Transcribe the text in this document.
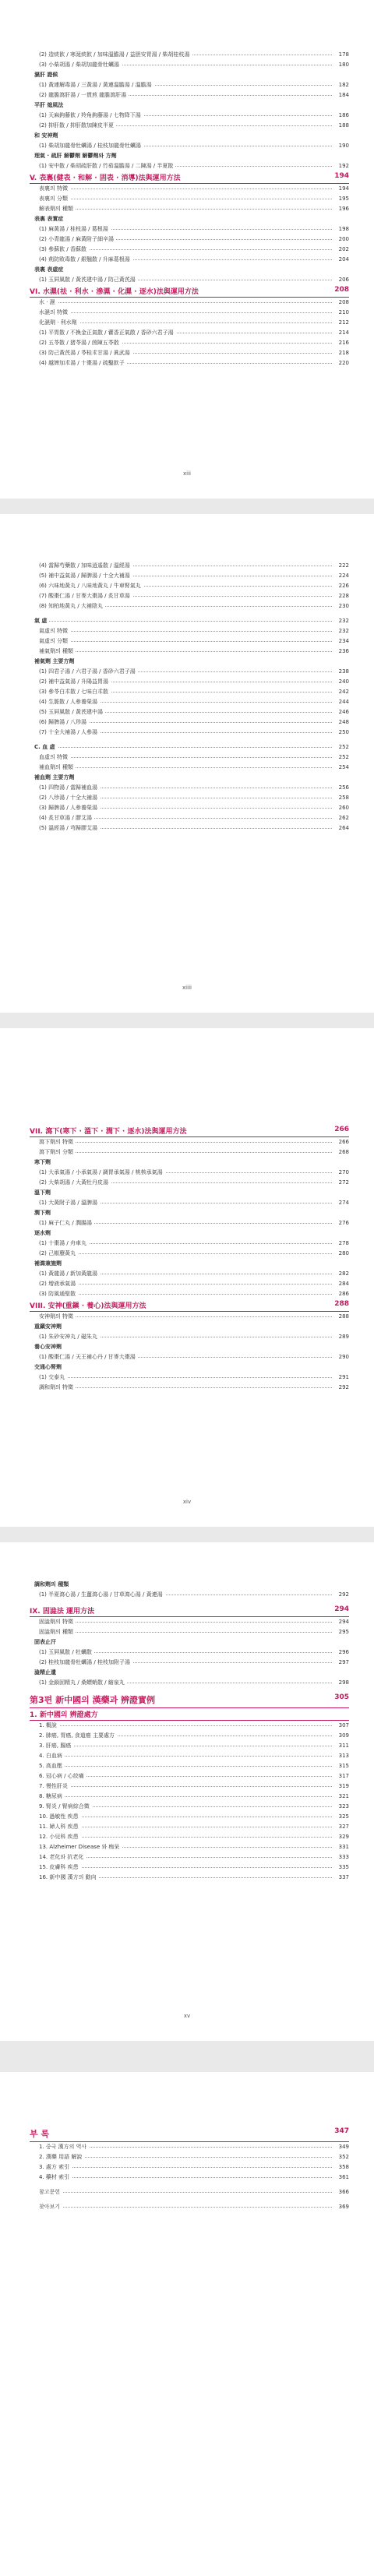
(2) 造痰飮 / 寒涎痰飮 / 加味溫膽湯 / 益胆安胃湯 / 柴胡桂枝湯	178
(3) 小柴胡湯 / 柴胡加龍骨牡蠣湯	180
濕肝 證候
(1) 黃連解毒湯 / 三黃湯 / 黃連溫膽湯 / 溫膽湯	182
(2) 龍膽瀉肝湯 / 一貫煎 龍膽瀉肝湯	184
平肝 熄風法
(1) 天麻鉤藤飮 / 羚角鉤藤湯 / 七物降下湯	186
(2) 抑肝散 / 抑肝散加陳皮半夏	188
和 安神劑
(1) 柴胡加龍骨牡蠣湯 / 桂枝加龍骨牡蠣湯	190
理氣 · 疏肝 解鬱劑 解鬱劑와 方劑
(1) 安中散 / 柴胡疏肝散 / 竹茹溫膽湯 / 二陳湯 / 半夏散	192
V. 表裏(健表 · 和解 · 固表 · 消導)法與運用方法	194
表裏의 特徵	194
表裏의 分類	195
解表劑의 種類	196
表裏 表實症
(1) 麻黃湯 / 桂枝湯 / 葛根湯	198
(2) 小青龍湯 / 麻黃附子細辛湯	200
(3) 參蘇飮 / 香蘇散	202
(4) 荊防敗毒散 / 銀翹散 / 升麻葛根湯	204
表裏 表虛症
(1) 玉屛風散 / 黃芪建中湯 / 防己黃芪湯	206
VI. 水濕(祛 · 利水 · 滲濕 · 化濕 · 逐水)法與運用方法	208
水 · 濕	208
水濕의 特徵	210
化濕劑 · 利水劑	212
(1) 平胃散 / 不換金正氣散 / 藿香正氣散 / 香砂六君子湯	214
(2) 五苓散 / 猪苓湯 / 茵陳五苓散	216
(3) 防己黃芪湯 / 苓桂朮甘湯 / 眞武湯	218
(4) 越婢加朮湯 / 十棗湯 / 疏鑿飮子	220
xiii
(4) 當歸芍藥散 / 加味逍遙散 / 溫經湯	222
(5) 補中益氣湯 / 歸脾湯 / 十全大補湯	224
(6) 六味地黃丸 / 八味地黃丸 / 牛車腎氣丸	226
(7) 酸棗仁湯 / 甘麥大棗湯 / 炙甘草湯	228
(8) 知柏地黃丸 / 大補陰丸	230
氣 虛	232
氣虛의 特徵	232
氣虛의 分類	234
補氣劑의 種類	236
補氣劑 主要方劑
(1) 四君子湯 / 六君子湯 / 香砂六君子湯	238
(2) 補中益氣湯 / 升陽益胃湯	240
(3) 參苓白朮散 / 七味白朮散	242
(4) 生脈散 / 人參養榮湯	244
(5) 玉屛風散 / 黃芪建中湯	246
(6) 歸脾湯 / 八珍湯	248
(7) 十全大補湯 / 人參湯	250
C. 血 虛	252
血虛의 特徵	252
補血劑의 種類	254
補血劑 主要方劑
(1) 四物湯 / 當歸補血湯	256
(2) 八珍湯 / 十全大補湯	258
(3) 歸脾湯 / 人參養榮湯	260
(4) 炙甘草湯 / 膠艾湯	262
(5) 溫經湯 / 芎歸膠艾湯	264
xiiii
VII. 瀉下(寒下 · 溫下 · 潤下 · 逐水)法與運用方法	266
瀉下劑의 特徵	266
瀉下劑의 分類	268
寒下劑
(1) 大承氣湯 / 小承氣湯 / 調胃承氣湯 / 桃核承氣湯	270
(2) 大柴胡湯 / 大黃牡丹皮湯	272
溫下劑
(1) 大黃附子湯 / 溫脾湯	274
潤下劑
(1) 麻子仁丸 / 潤腸湯	276
逐水劑
(1) 十棗湯 / 舟車丸	278
(2) 己椒藶黃丸	280
補瀉兼施劑
(1) 黃龍湯 / 新加黃龍湯	282
(2) 增液承氣湯	284
(3) 防風通聖散	286
VIII. 安神(重鎭 · 養心)法與運用方法	288
安神劑의 特徵	288
重鎭安神劑
(1) 朱砂安神丸 / 磁朱丸	289
養心安神劑
(1) 酸棗仁湯 / 天王補心丹 / 甘麥大棗湯	290
交通心腎劑
(1) 交泰丸	291
調和劑의 特徵	292
xiv
調和劑의 種類
(1) 半夏瀉心湯 / 生薑瀉心湯 / 甘草瀉心湯 / 黃連湯	292
IX. 固澁法 運用方法	294
固澁劑의 特徵	294
固澁劑의 種類	295
固表止汗
(1) 玉屛風散 / 牡蠣散	296
(2) 桂枝加龍骨牡蠣湯 / 桂枝加附子湯	297
澁精止遺
(1) 金鎖固精丸 / 桑螵蛸散 / 縮泉丸	298
第3편 新中國의 漢藥과 辨證實例	305
1. 新中國의 辨證處方
1. 概說	307
2. 肺癌, 胃癌, 食道癌 主要處方	309
3. 肝癌, 腸癌	311
4. 白血病	313
5. 高血壓	315
6. 冠心病 / 心絞痛	317
7. 慢性肝炎	319
8. 糖尿病	321
9. 腎炎 / 腎病綜合徵	323
10. 過敏性 疾患	325
11. 婦人科 疾患	327
12. 小兒科 疾患	329
13. Alzheimer Disease 와 痴呆	331
14. 老化와 抗老化	333
15. 皮膚科 疾患	335
16. 新中國 漢方의 動向	337
xv
부 록	347
1. 중국 漢方의 역사	349
2. 漢藥 用語 解說	352
3. 處方 索引	358
4. 藥材 索引	361
참고문헌	366
찾아보기	369
